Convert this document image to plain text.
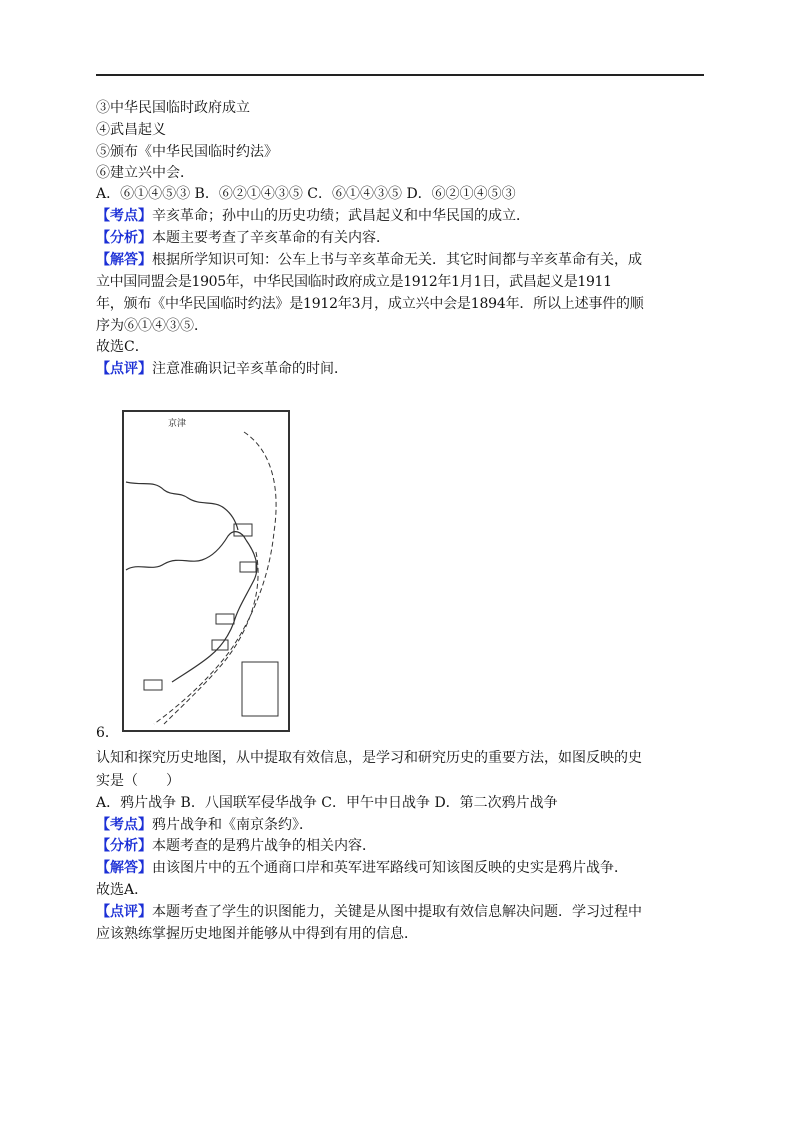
③中华民国临时政府成立
④武昌起义
⑤颁布《中华民国临时约法》
⑥建立兴中会．
A．⑥①④⑤③ B．⑥②①④③⑤ C．⑥①④③⑤ D．⑥②①④⑤③
【考点】辛亥革命；孙中山的历史功绩；武昌起义和中华民国的成立．
【分析】本题主要考查了辛亥革命的有关内容．
【解答】根据所学知识可知：公车上书与辛亥革命无关．其它时间都与辛亥革命有关，成
立中国同盟会是1905年，中华民国临时政府成立是1912年1月1日，武昌起义是1911
年，颁布《中华民国临时约法》是1912年3月，成立兴中会是1894年．所以上述事件的顺
序为⑥①④③⑤．
故选C．
【点评】注意准确识记辛亥革命的时间．
京津
6．
认知和探究历史地图，从中提取有效信息，是学习和研究历史的重要方法，如图反映的史
实是（　　）
A．鸦片战争 B．八国联军侵华战争 C．甲午中日战争 D．第二次鸦片战争
【考点】鸦片战争和《南京条约》．
【分析】本题考查的是鸦片战争的相关内容．
【解答】由该图片中的五个通商口岸和英军进军路线可知该图反映的史实是鸦片战争．
故选A．
【点评】本题考查了学生的识图能力，关键是从图中提取有效信息解决问题．学习过程中
应该熟练掌握历史地图并能够从中得到有用的信息．
